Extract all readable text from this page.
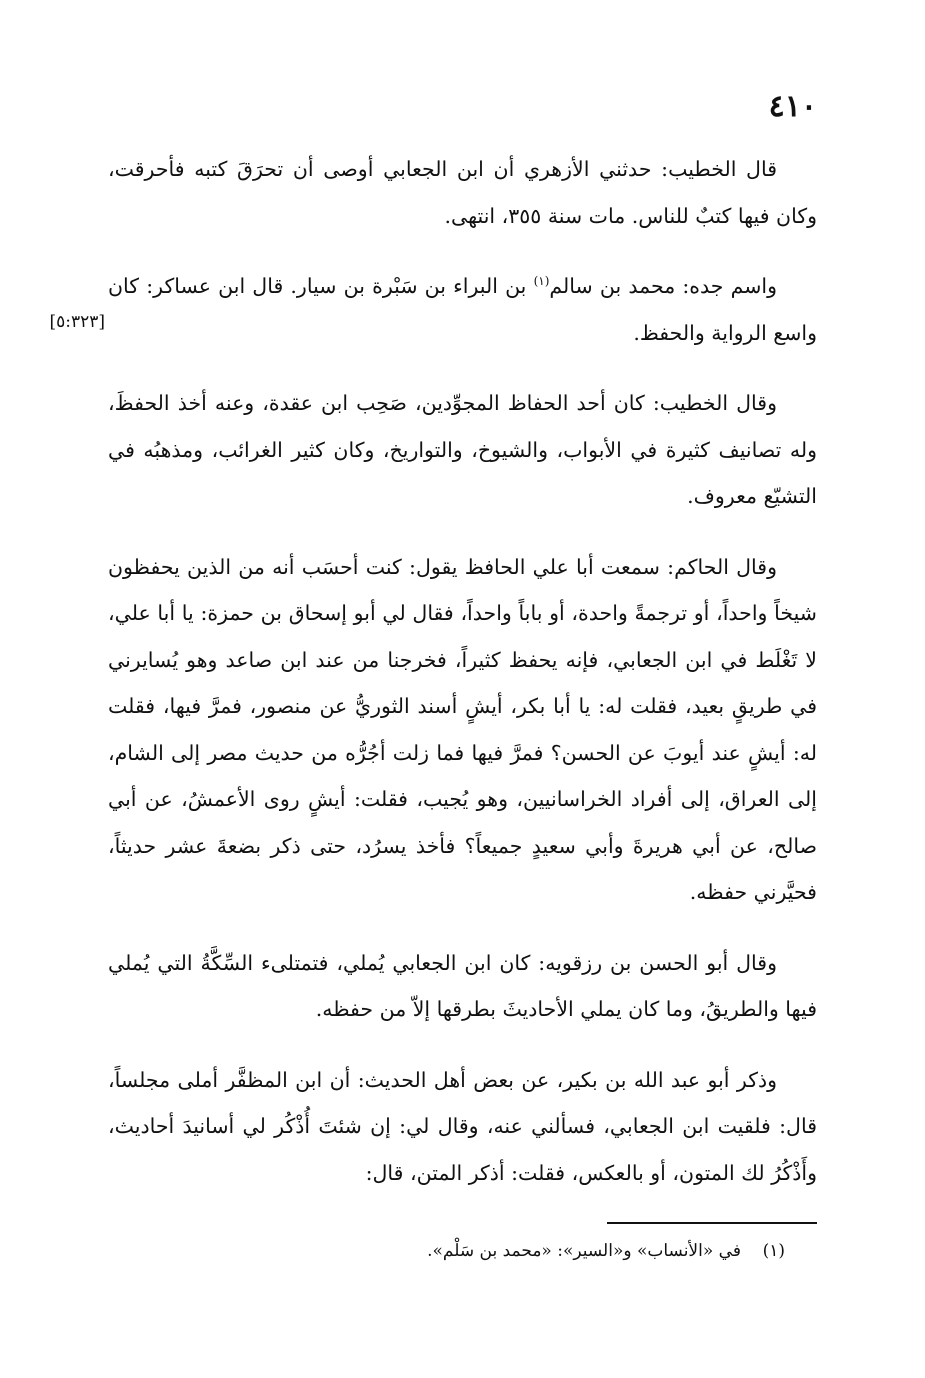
٤١٠
[٥:٣٢٣]

قال الخطيب: حدثني الأزهري أن ابن الجعابي أوصى أن تحرَقَ كتبه فأحرقت، وكان فيها كتبٌ للناس. مات سنة ٣٥٥، انتهى.

واسم جده: محمد بن سالم$^{(١)}$ بن البراء بن سَبْرة بن سيار. قال ابن عساكر: كان واسع الرواية والحفظ.

وقال الخطيب: كان أحد الحفاظ المجوِّدين، صَحِب ابن عقدة، وعنه أخذ الحفظَ، وله تصانيف كثيرة في الأبواب، والشيوخ، والتواريخ، وكان كثير الغرائب، ومذهبُه في التشيّع معروف.

وقال الحاكم: سمعت أبا علي الحافظ يقول: كنت أحسَب أنه من الذين يحفظون شيخاً واحداً، أو ترجمةً واحدة، أو باباً واحداً، فقال لي أبو إسحاق بن حمزة: يا أبا علي، لا تَغْلَط في ابن الجعابي، فإنه يحفظ كثيراً، فخرجنا من عند ابن صاعد وهو يُسايرني في طريقٍ بعيد، فقلت له: يا أبا بكر، أيشٍ أسند الثوريُّ عن منصور، فمرَّ فيها، فقلت له: أيشٍ عند أيوبَ عن الحسن؟ فمرَّ فيها فما زلت أجُرُّه من حديث مصر إلى الشام، إلى العراق، إلى أفراد الخراسانيين، وهو يُجيب، فقلت: أيشٍ روى الأعمشُ، عن أبي صالح، عن أبي هريرةَ وأبي سعيدٍ جميعاً؟ فأخذ يسرُد، حتى ذكر بضعةَ عشر حديثاً، فحيَّرني حفظه.

وقال أبو الحسن بن رزقويه: كان ابن الجعابي يُملي، فتمتلىء السِّكَّةُ التي يُملي فيها والطريقُ، وما كان يملي الأحاديثَ بطرقها إلاّ من حفظه.

وذكر أبو عبد الله بن بكير، عن بعض أهل الحديث: أن ابن المظفَّر أملى مجلساً، قال: فلقيت ابن الجعابي، فسألني عنه، وقال لي: إن شئتَ أُذْكُر لي أسانيدَ أحاديث، وأَذْكُرُ لك المتون، أو بالعكس، فقلت: أذكر المتن، قال:

(١)    في «الأنساب» و«السير»: «محمد بن سَلْم».
